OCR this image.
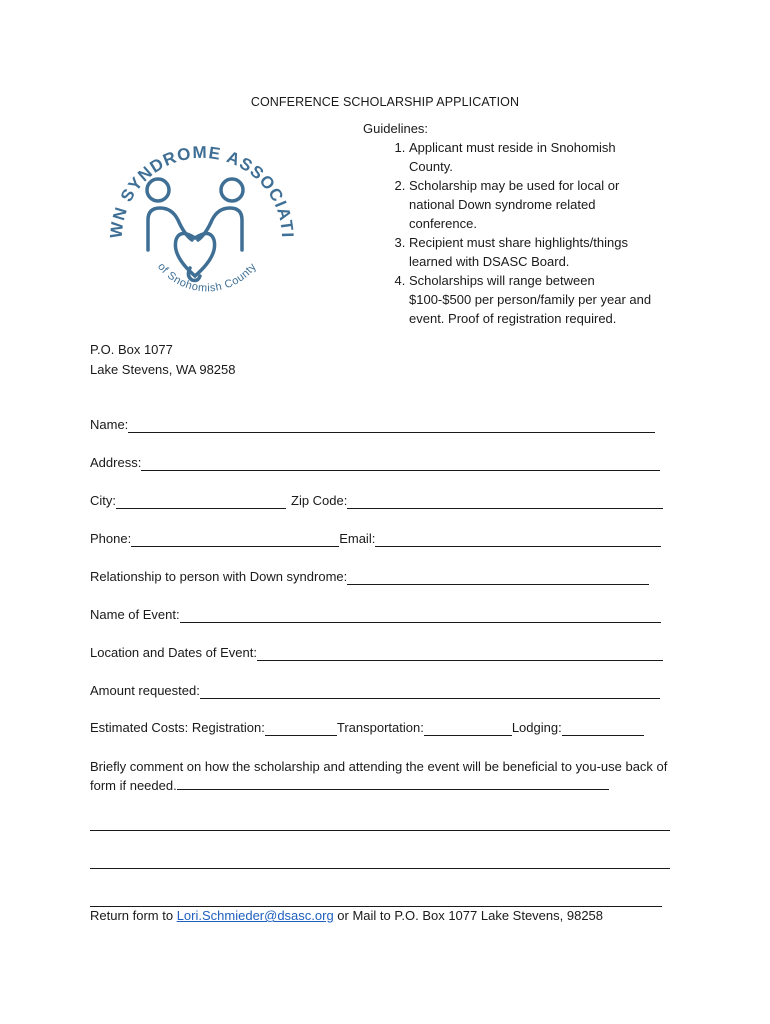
CONFERENCE SCHOLARSHIP APPLICATION
WN SYNDROME ASSOCIATI
of Snohomish County
Guidelines:
1. Applicant must reside in Snohomish County.
2. Scholarship may be used for local or national Down syndrome related conference.
3. Recipient must share highlights/things learned with DSASC Board.
4. Scholarships will range between $100-$500 per person/family per year and event. Proof of registration required.
P.O. Box 1077
Lake Stevens, WA 98258
Name:
Address:
City:	Zip Code:
Phone:	Email:
Relationship to person with Down syndrome:
Name of Event:
Location and Dates of Event:
Amount requested:
Estimated Costs: Registration:	Transportation:	Lodging:
Briefly comment on how the scholarship and attending the event will be beneficial to you-use back of form if needed.
Return form to Lori.Schmieder@dsasc.org or Mail to P.O. Box 1077 Lake Stevens, 98258
